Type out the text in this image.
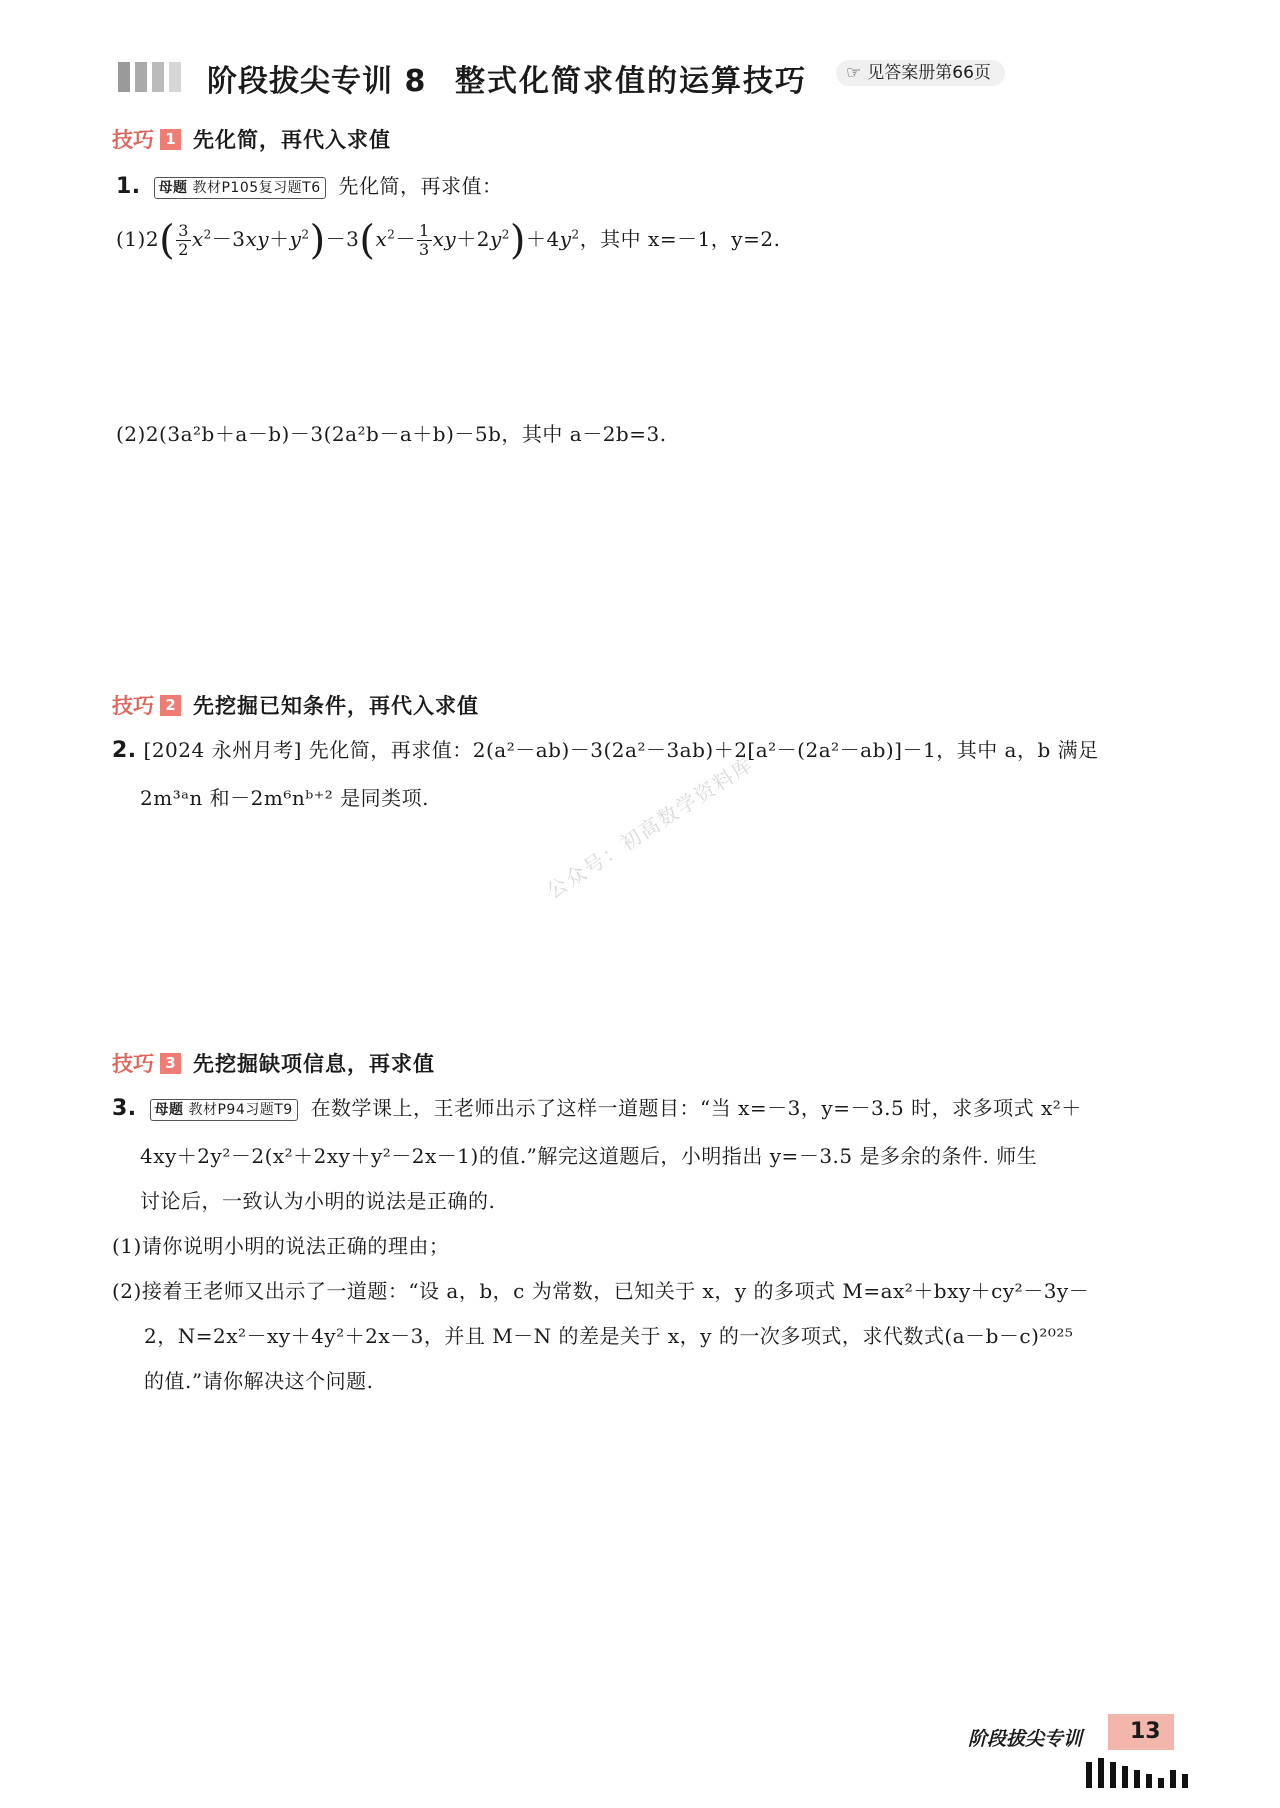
阶段拔尖专训 8 整式化简求值的运算技巧 ☞ 见答案册第66页
技巧 1 先化简，再代入求值
1. 母题 教材P105复习题T6 先化简，再求值：
$(1)2( \frac{3}{2} x^2-3xy+y^2)-3(x^2- \frac{1}{3} xy+2y^2)+4y^2$，其中 x=－1，y=2.
(2)2(3a²b＋a－b)－3(2a²b－a＋b)－5b，其中 a－2b=3.
技巧 2 先挖掘已知条件，再代入求值
2. [2024 永州月考] 先化简，再求值：2(a²－ab)－3(2a²－3ab)＋2[a²－(2a²－ab)]－1，其中 a，b 满足
2m³ᵃn 和－2m⁶nᵇ⁺² 是同类项.	公众号：初高数学资料库
技巧 3 先挖掘缺项信息，再求值
3. 母题 教材P94习题T9 在数学课上，王老师出示了这样一道题目：“当 x=－3，y=－3.5 时，求多项式 x²＋
4xy＋2y²－2(x²＋2xy＋y²－2x－1)的值.”解完这道题后，小明指出 y=－3.5 是多余的条件. 师生
讨论后，一致认为小明的说法是正确的.
(1)请你说明小明的说法正确的理由；
(2)接着王老师又出示了一道题：“设 a，b，c 为常数，已知关于 x，y 的多项式 M=ax²＋bxy＋cy²－3y－
2，N=2x²－xy＋4y²＋2x－3，并且 M－N 的差是关于 x，y 的一次多项式，求代数式(a－b－c)²⁰²⁵
的值.”请你解决这个问题.
阶段拔尖专训	13
